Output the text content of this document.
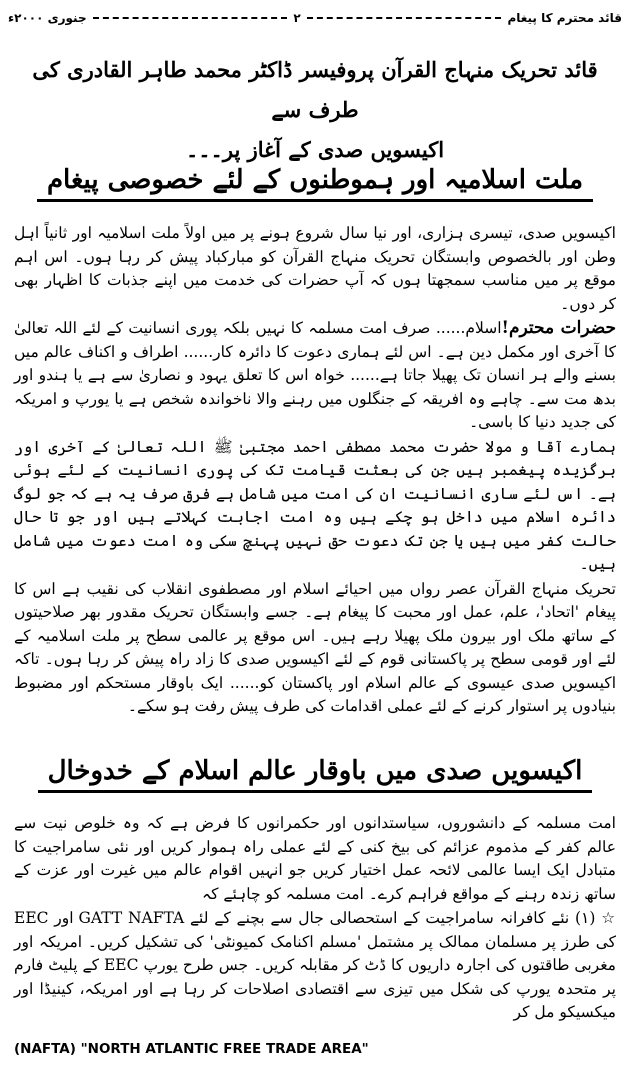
جنوری ۲۰۰۰ء	۲	قائد محترم کا پیغام
قائد تحریک منہاج القرآن پروفیسر ڈاکٹر محمد طاہر القادری کی طرف سے
اکیسویں صدی کے آغاز پر۔۔۔
ملت اسلامیہ اور ہموطنوں کے لئے خصوصی پیغام

اکیسویں صدی، تیسری ہزاری، اور نیا سال شروع ہونے پر میں اولاً ملت اسلامیہ اور ثانیاً اہل وطن اور بالخصوص وابستگان تحریک منہاج القرآن کو مبارکباد پیش کر رہا ہوں۔ اس اہم موقع پر میں مناسب سمجھتا ہوں کہ آپ حضرات کی خدمت میں اپنے جذبات کا اظہار بھی کر دوں۔

حضرات محترم!اسلام...... صرف امت مسلمہ کا نہیں بلکہ پوری انسانیت کے لئے اللہ تعالیٰ کا آخری اور مکمل دین ہے۔ اس لئے ہماری دعوت کا دائرہ کار...... اطراف و اکناف عالم میں بسنے والے ہر انسان تک پھیلا جاتا ہے...... خواہ اس کا تعلق یہود و نصاریٰ سے ہے یا ہندو اور بدھ مت سے۔ چاہے وہ افریقہ کے جنگلوں میں رہنے والا ناخواندہ شخص ہے یا یورپ و امریکہ کی جدید دنیا کا باسی۔

ہمارے آقا و مولا حضرت محمد مصطفی احمد مجتبیٰ ﷺ اللہ تعالیٰ کے آخری اور برگزیدہ پیغمبر ہیں جن کی بعثت قیامت تک کی پوری انسانیت کے لئے ہوئی ہے۔ اس لئے ساری انسانیت ان کی امت میں شامل ہے فرق صرف یہ ہے کہ جو لوگ دائرہ اسلام میں داخل ہو چکے ہیں وہ امت اجابت کہلاتے ہیں اور جو تا حال حالت کفر میں ہیں یا جن تک دعوت حق نہیں پہنچ سکی وہ امت دعوت میں شامل ہیں۔

تحریک منہاج القرآن عصر رواں میں احیائے اسلام اور مصطفوی انقلاب کی نقیب ہے اس کا پیغام 'اتحاد'، علم، عمل اور محبت کا پیغام ہے۔ جسے وابستگان تحریک مقدور بھر صلاحیتوں کے ساتھ ملک اور بیرون ملک پھیلا رہے ہیں۔ اس موقع پر عالمی سطح پر ملت اسلامیہ کے لئے اور قومی سطح پر پاکستانی قوم کے لئے اکیسویں صدی کا زاد راہ پیش کر رہا ہوں۔ تاکہ اکیسویں صدی عیسوی کے عالم اسلام اور پاکستان کو...... ایک باوقار مستحکم اور مضبوط بنیادوں پر استوار کرنے کے لئے عملی اقدامات کی طرف پیش رفت ہو سکے۔

اکیسویں صدی میں باوقار عالم اسلام کے خدوخال

امت مسلمہ کے دانشوروں، سیاستدانوں اور حکمرانوں کا فرض ہے کہ وہ خلوص نیت سے عالم کفر کے مذموم عزائم کی بیخ کنی کے لئے عملی راہ ہموار کریں اور نئی سامراجیت کا متبادل ایک ایسا عالمی لائحہ عمل اختیار کریں جو انہیں اقوام عالم میں غیرت اور عزت کے ساتھ زندہ رہنے کے مواقع فراہم کرے۔ امت مسلمہ کو چاہئے کہ

☆ (۱) نئے کافرانہ سامراجیت کے استحصالی جال سے بچنے کے لئے GATT NAFTA اور EEC کی طرز پر مسلمان ممالک پر مشتمل 'مسلم اکنامک کمیونٹی' کی تشکیل کریں۔ امریکہ اور مغربی طاقتوں کی اجارہ داریوں کا ڈٹ کر مقابلہ کریں۔ جس طرح یورپ EEC کے پلیٹ فارم پر متحدہ یورپ کی شکل میں تیزی سے اقتصادی اصلاحات کر رہا ہے اور امریکہ، کینیڈا اور میکسیکو مل کر

(NAFTA) "NORTH ATLANTIC FREE TRADE AREA"
